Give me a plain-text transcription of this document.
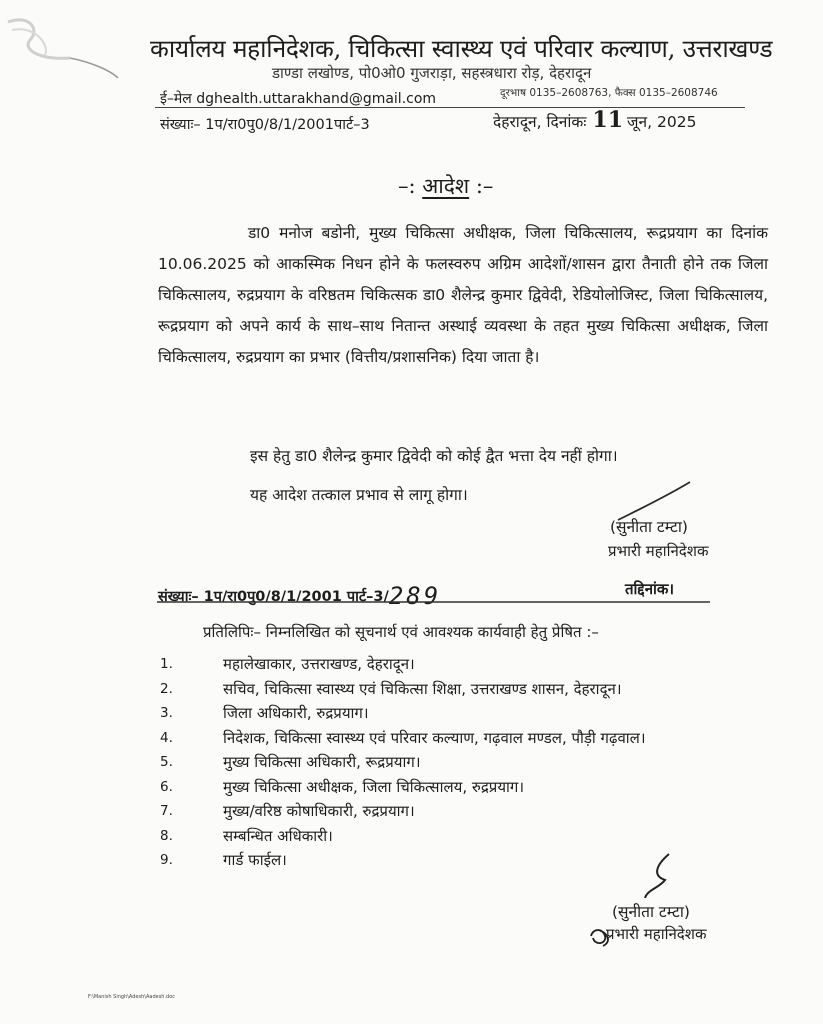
कार्यालय महानिदेशक, चिकित्सा स्वास्थ्य एवं परिवार कल्याण, उत्तराखण्ड
डाण्डा लखोण्ड, पो0ओ0 गुजराड़ा, सहस्त्रधारा रोड़, देहरादून
ई–मेल dghealth.uttarakhand@gmail.com	दूरभाष 0135–2608763, फैक्स 0135–2608746
संख्याः– 1प/रा0पु0/8/1/2001पार्ट–3	देहरादून, दिनांकः 11 जून, 2025
–: आदेश :–
डा0 मनोज बडोनी, मुख्य चिकित्सा अधीक्षक, जिला चिकित्सालय, रूद्रप्रयाग का दिनांक 10.06.2025 को आकस्मिक निधन होने के फलस्वरुप अग्रिम आदेशों/शासन द्वारा तैनाती होने तक जिला चिकित्सालय, रुद्रप्रयाग के वरिष्ठतम चिकित्सक डा0 शैलेन्द्र कुमार द्विवेदी, रेडियोलोजिस्ट, जिला चिकित्सालय, रूद्रप्रयाग को अपने कार्य के साथ–साथ नितान्त अस्थाई व्यवस्था के तहत मुख्य चिकित्सा अधीक्षक, जिला चिकित्सालय, रुद्रप्रयाग का प्रभार (वित्तीय/प्रशासनिक) दिया जाता है।
इस हेतु डा0 शैलेन्द्र कुमार द्विवेदी को कोई द्वैत भत्ता देय नहीं होगा।
यह आदेश तत्काल प्रभाव से लागू होगा।
(सुनीता टम्टा)
प्रभारी महानिदेशक
संख्याः– 1प/रा0पु0/8/1/2001 पार्ट–3/289	तद्दिनांक।
प्रतिलिपिः– निम्नलिखित को सूचनार्थ एवं आवश्यक कार्यवाही हेतु प्रेषित :–
1.	महालेखाकार, उत्तराखण्ड, देहरादून।
2.	सचिव, चिकित्सा स्वास्थ्य एवं चिकित्सा शिक्षा, उत्तराखण्ड शासन, देहरादून।
3.	जिला अधिकारी, रुद्रप्रयाग।
4.	निदेशक, चिकित्सा स्वास्थ्य एवं परिवार कल्याण, गढ़वाल मण्डल, पौड़ी गढ़वाल।
5.	मुख्य चिकित्सा अधिकारी, रूद्रप्रयाग।
6.	मुख्य चिकित्सा अधीक्षक, जिला चिकित्सालय, रुद्रप्रयाग।
7.	मुख्य/वरिष्ठ कोषाधिकारी, रुद्रप्रयाग।
8.	सम्बन्धित अधिकारी।
9.	गार्ड फाईल।
(सुनीता टम्टा)
प्रभारी महानिदेशक
F:\Manish Singh\Adesh\Aadesh.doc
